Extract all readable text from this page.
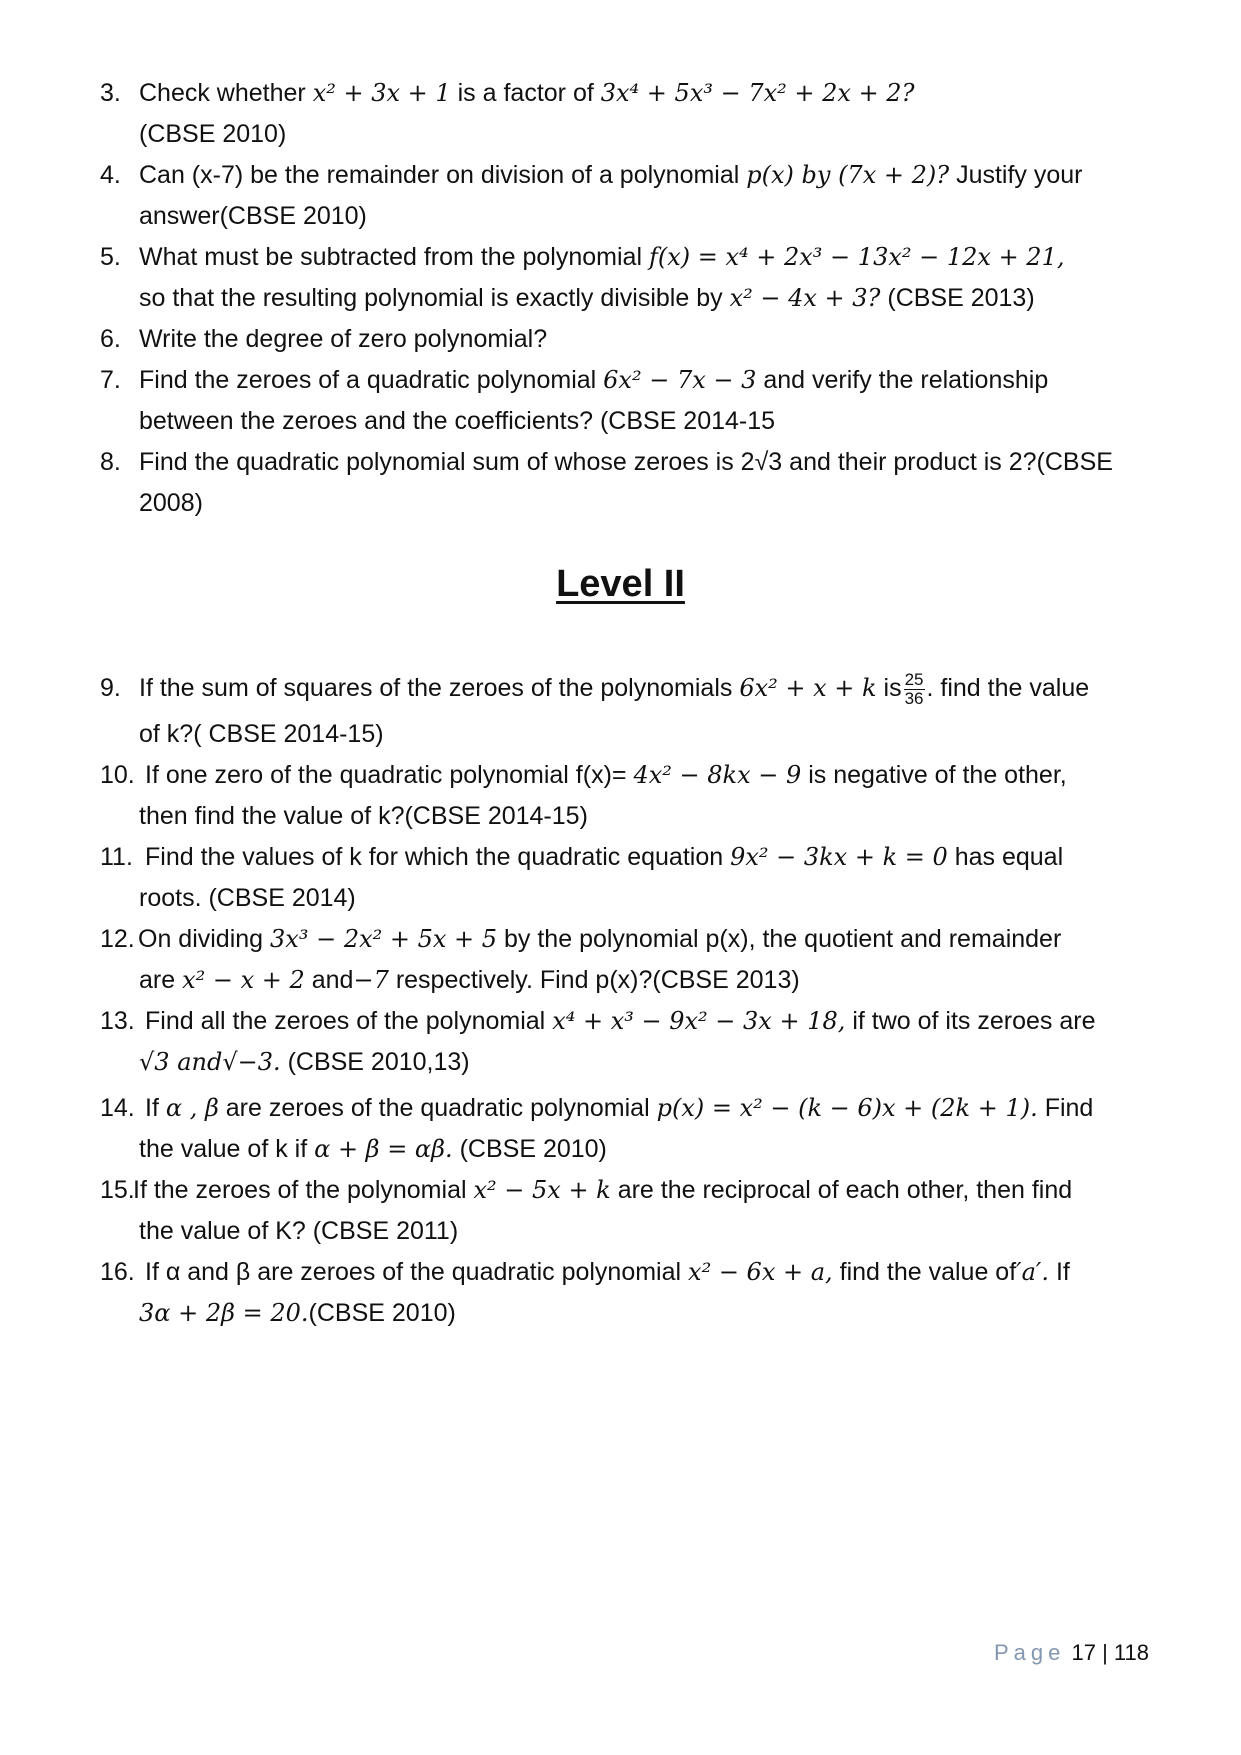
3. Check whether x² + 3x + 1 is a factor of 3x⁴ + 5x³ − 7x² + 2x + 2?
(CBSE 2010)
4. Can (x-7) be the remainder on division of a polynomial p(x) by (7x + 2)? Justify your
answer(CBSE 2010)
5. What must be subtracted from the polynomial f(x) = x⁴ + 2x³ − 13x² − 12x + 21,
so that the resulting polynomial is exactly divisible by x² − 4x + 3? (CBSE 2013)
6. Write the degree of zero polynomial?
7. Find the zeroes of a quadratic polynomial 6x² − 7x − 3 and verify the relationship
between the zeroes and the coefficients? (CBSE 2014-15
8. Find the quadratic polynomial sum of whose zeroes is 2√3 and their product is 2?(CBSE
2008)
Level II
9. If the sum of squares of the zeroes of the polynomials 6x² + x + k is $\frac{25}{36}$ . find the value
of k?( CBSE 2014-15)
10. If one zero of the quadratic polynomial f(x)= 4x² − 8kx − 9 is negative of the other,
then find the value of k?(CBSE 2014-15)
11. Find the values of k for which the quadratic equation 9x² − 3kx + k = 0 has equal
roots. (CBSE 2014)
12. On dividing 3x³ − 2x² + 5x + 5 by the polynomial p(x), the quotient and remainder
are x² − x + 2 and−7 respectively. Find p(x)?(CBSE 2013)
13. Find all the zeroes of the polynomial x⁴ + x³ − 9x² − 3x + 18, if two of its zeroes are
√3 and√−3. (CBSE 2010,13)
14. If α , β are zeroes of the quadratic polynomial p(x) = x² − (k − 6)x + (2k + 1). Find
the value of k if α + β = αβ. (CBSE 2010)
15.
If the zeroes of the polynomial x² − 5x + k are the reciprocal of each other, then find
the value of K? (CBSE 2011)
16. If α and β are zeroes of the quadratic polynomial x² − 6x + a, find the value of′a′. If
3α + 2β = 20.(CBSE 2010)
Page 17 | 118
